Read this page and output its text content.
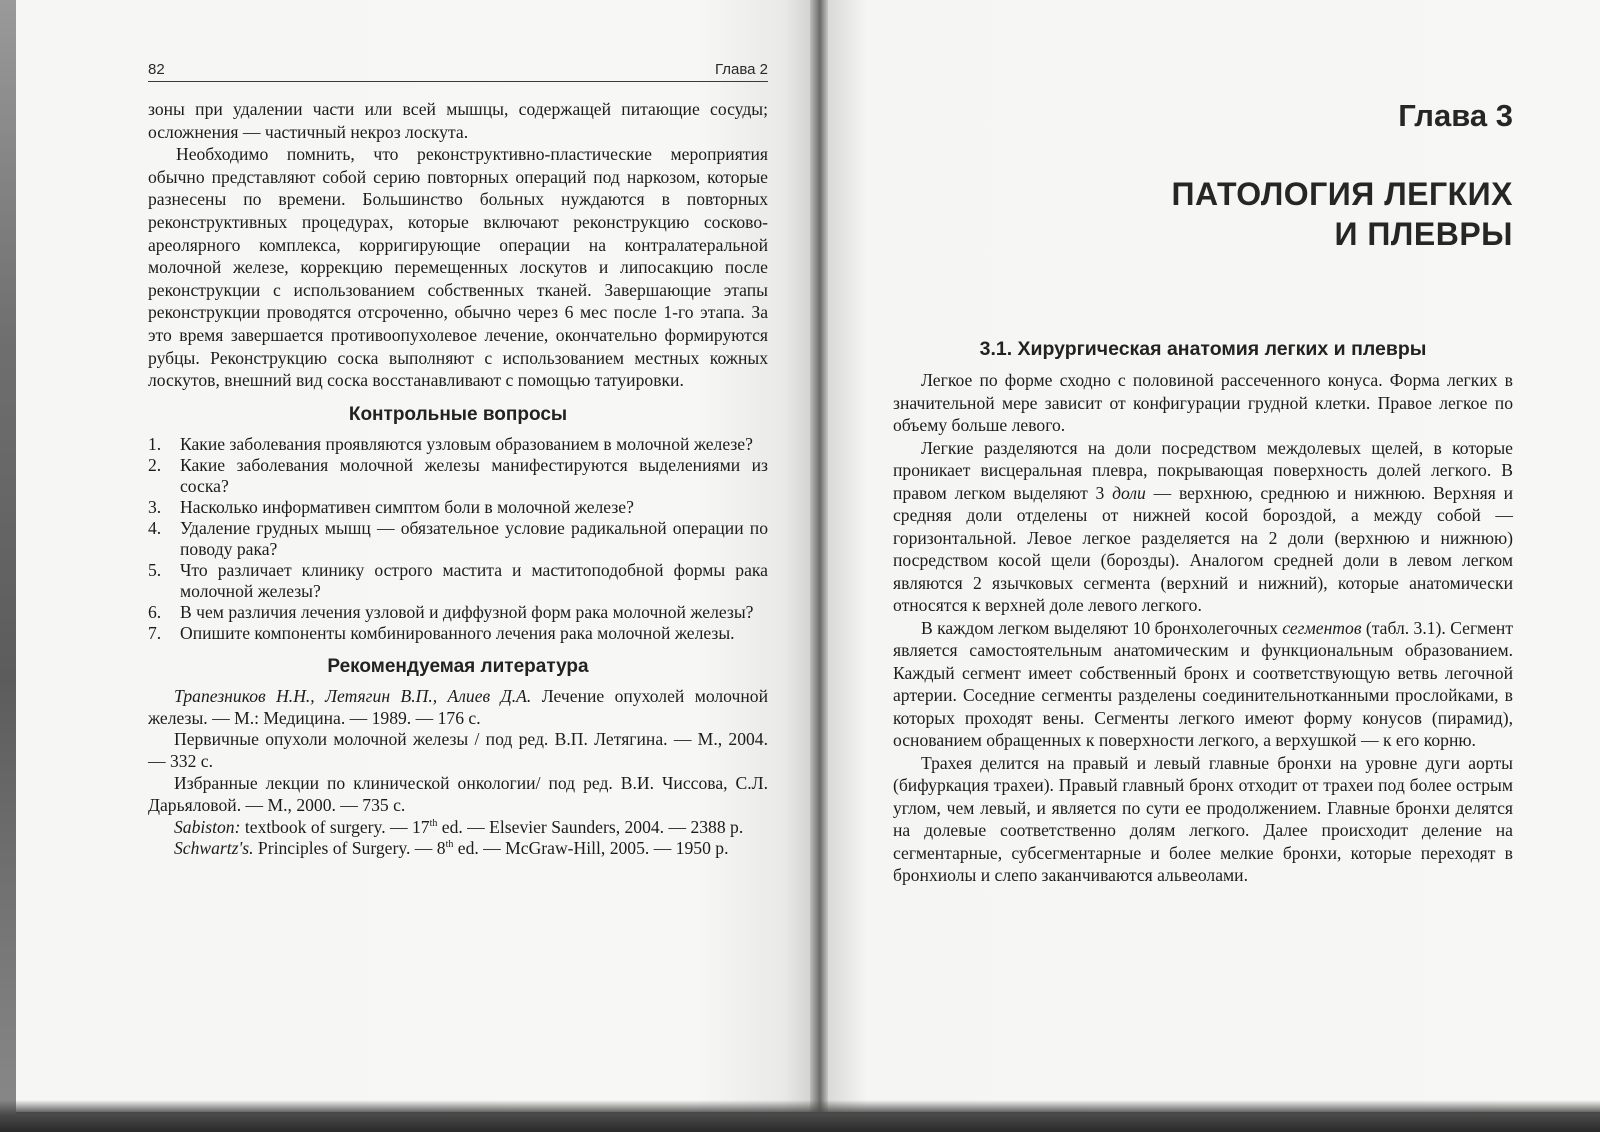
82	Глава 2

зоны при удалении части или всей мышцы, содержащей питающие сосуды; осложнения — частичный некроз лоскута.

Необходимо помнить, что реконструктивно-пластические мероприятия обычно представляют собой серию повторных операций под наркозом, которые разнесены по времени. Большинство больных нуждаются в повторных реконструктивных процедурах, которые включают реконструкцию сосково-ареолярного комплекса, корригирующие операции на контралатеральной молочной железе, коррекцию перемещенных лоскутов и липосакцию после реконструкции с использованием собственных тканей. Завершающие этапы реконструкции проводятся отсроченно, обычно через 6 мес после 1-го этапа. За это время завершается противоопухолевое лечение, окончательно формируются рубцы. Реконструкцию соска выполняют с использованием местных кожных лоскутов, внешний вид соска восстанавливают с помощью татуировки.

Контрольные вопросы
1.	Какие заболевания проявляются узловым образованием в молочной железе?
2.	Какие заболевания молочной железы манифестируются выделениями из соска?
3.	Насколько информативен симптом боли в молочной железе?
4.	Удаление грудных мышц — обязательное условие радикальной операции по поводу рака?
5.	Что различает клинику острого мастита и маститоподобной формы рака молочной железы?
6.	В чем различия лечения узловой и диффузной форм рака молочной железы?
7.	Опишите компоненты комбинированного лечения рака молочной железы.
Рекомендуемая литература

Трапезников Н.Н., Летягин В.П., Алиев Д.А. Лечение опухолей молочной железы. — М.: Медицина. — 1989. — 176 с.

Первичные опухоли молочной железы / под ред. В.П. Летягина. — М., 2004. — 332 с.

Избранные лекции по клинической онкологии/ под ред. В.И. Чиссова, С.Л. Дарьяловой. — М., 2000. — 735 с.

Sabiston: textbook of surgery. — 17th ed. — Elsevier Saunders, 2004. — 2388 p.

Schwartz's. Principles of Surgery. — 8th ed. — McGraw-Hill, 2005. — 1950 p.

Глава 3
ПАТОЛОГИЯ ЛЕГКИХ
И ПЛЕВРЫ
3.1. Хирургическая анатомия легких и плевры

Легкое по форме сходно с половиной рассеченного конуса. Форма легких в значительной мере зависит от конфигурации грудной клетки. Правое легкое по объему больше левого.

Легкие разделяются на доли посредством междолевых щелей, в которые проникает висцеральная плевра, покрывающая поверхность долей легкого. В правом легком выделяют 3 доли — верхнюю, среднюю и нижнюю. Верхняя и средняя доли отделены от нижней косой бороздой, а между собой — горизонтальной. Левое легкое разделяется на 2 доли (верхнюю и нижнюю) посредством косой щели (борозды). Аналогом средней доли в левом легком являются 2 язычковых сегмента (верхний и нижний), которые анатомически относятся к верхней доле левого легкого.

В каждом легком выделяют 10 бронхолегочных сегментов (табл. 3.1). Сегмент является самостоятельным анатомическим и функциональным образованием. Каждый сегмент имеет собственный бронх и соответствующую ветвь легочной артерии. Соседние сегменты разделены соединительнотканными прослойками, в которых проходят вены. Сегменты легкого имеют форму конусов (пирамид), основанием обращенных к поверхности легкого, а верхушкой — к его корню.

Трахея делится на правый и левый главные бронхи на уровне дуги аорты (бифуркация трахеи). Правый главный бронх отходит от трахеи под более острым углом, чем левый, и является по сути ее продолжением. Главные бронхи делятся на долевые соответственно долям легкого. Далее происходит деление на сегментарные, субсегментарные и более мелкие бронхи, которые переходят в бронхиолы и слепо заканчиваются альвеолами.
